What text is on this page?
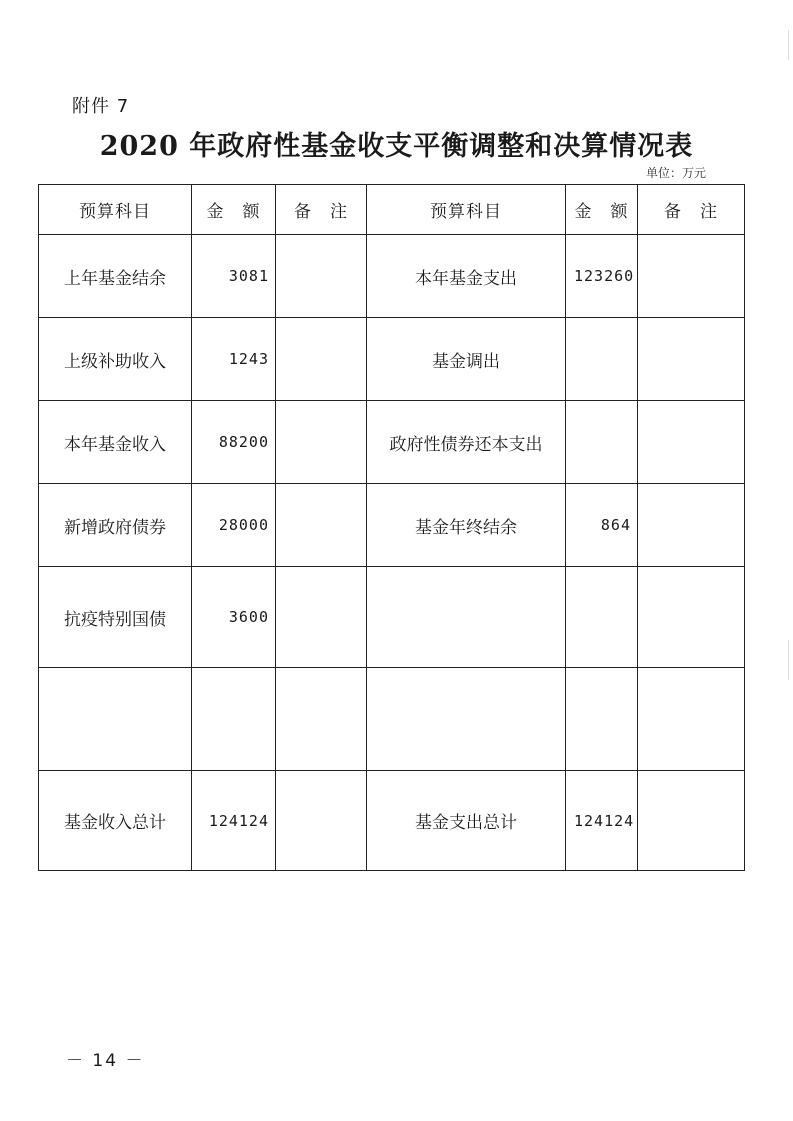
附件 7
2020 年政府性基金收支平衡调整和决算情况表
单位：万元
预算科目	金　额	备　注	预算科目	金　额	备　注
上年基金结余	3081		本年基金支出	123260	
上级补助收入	1243		基金调出		
本年基金收入	88200		政府性债券还本支出		
新增政府债券	28000		基金年终结余	864	
抗疫特别国债	3600				

基金收入总计	124124		基金支出总计	124124	
－ 14 －
